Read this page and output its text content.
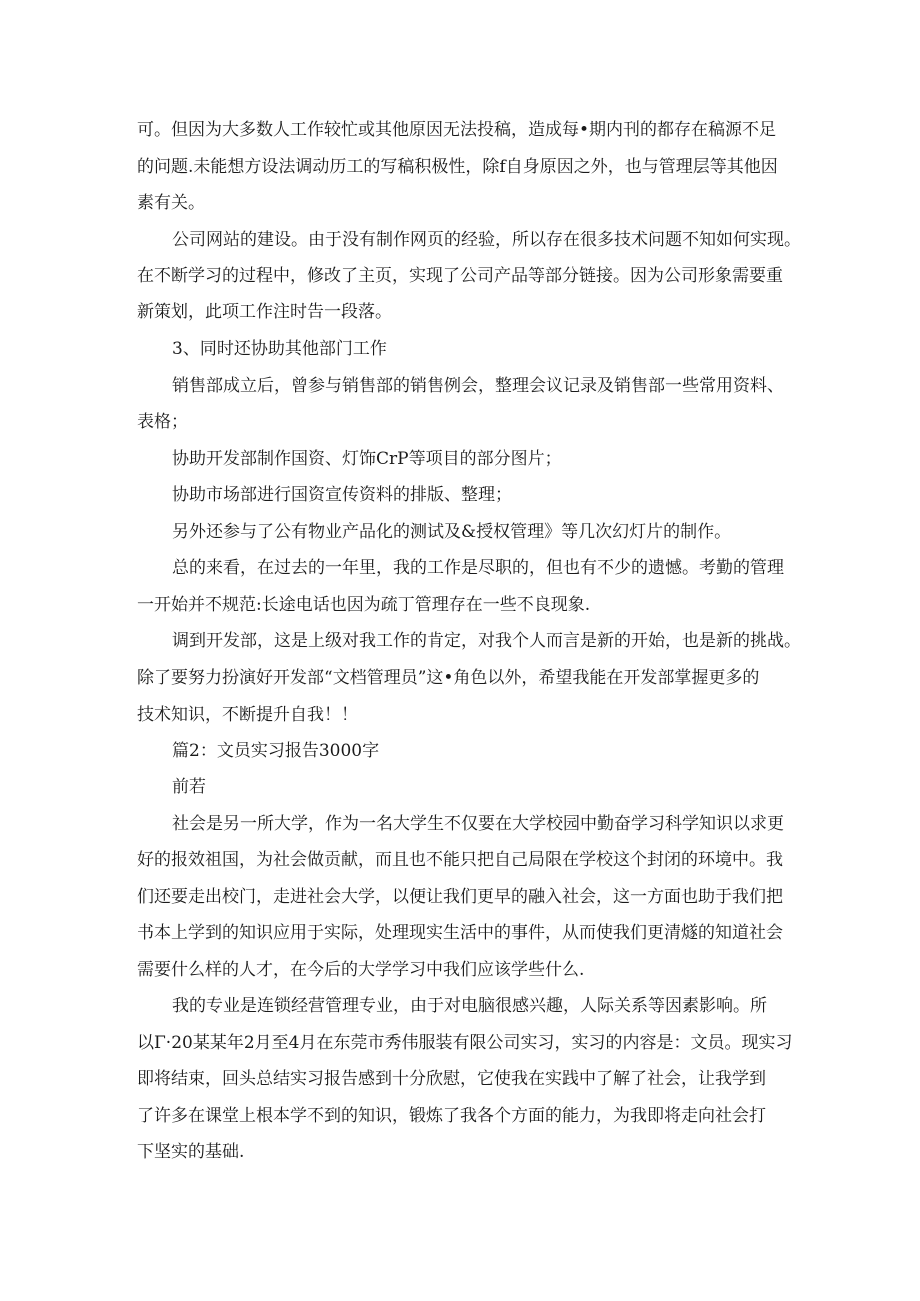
可。但因为大多数人工作较忙或其他原因无法投稿，造成每•期内刊的都存在稿源不足

的问题.未能想方设法调动历工的写稿积极性，除f自身原因之外，也与管理层等其他因

素有关。

公司网站的建设。由于没有制作网页的经验，所以存在很多技术问题不知如何实现。

在不断学习的过程中，修改了主页，实现了公司产品等部分链接。因为公司形象需要重

新策划，此项工作注时告一段落。

3、同时还协助其他部门工作

销售部成立后，曾参与销售部的销售例会，整理会议记录及销售部一些常用资料、

表格；

协助开发部制作国资、灯饰CrP等项目的部分图片；

协助市场部进行国资宣传资料的排版、整理；

另外还参与了公有物业产品化的测试及&授权管理》等几次幻灯片的制作。

总的来看，在过去的一年里，我的工作是尽职的，但也有不少的遗憾。考勤的管理

一开始并不规范:长途电话也因为疏丁管理存在一些不良现象.

调到开发部，这是上级对我工作的肯定，对我个人而言是新的开始，也是新的挑战。

除了要努力扮演好开发部“文档管理员”这•角色以外，希望我能在开发部掌握更多的

技术知识，不断提升自我！！

篇2：文员实习报告3000字

前若

社会是另一所大学，作为一名大学生不仅要在大学校园中勤奋学习科学知识以求更

好的报效祖国，为社会做贡献，而且也不能只把自己局限在学校这个封闭的环境中。我

们还要走出校门，走进社会大学，以便让我们更早的融入社会，这一方面也助于我们把

书本上学到的知识应用于实际，处理现实生活中的事件，从而使我们更清燧的知道社会

需要什么样的人才，在今后的大学学习中我们应该学些什么.

我的专业是连锁经营管理专业，由于对电脑很感兴趣，人际关系等因素影响。所

以Γ·20某某年2月至4月在东莞市秀伟服装有限公司实习，实习的内容是：文员。现实习

即将结束，回头总结实习报告感到十分欣慰，它使我在实践中了解了社会，让我学到

了许多在课堂上根本学不到的知识，锻炼了我各个方面的能力，为我即将走向社会打

下坚实的基础.
